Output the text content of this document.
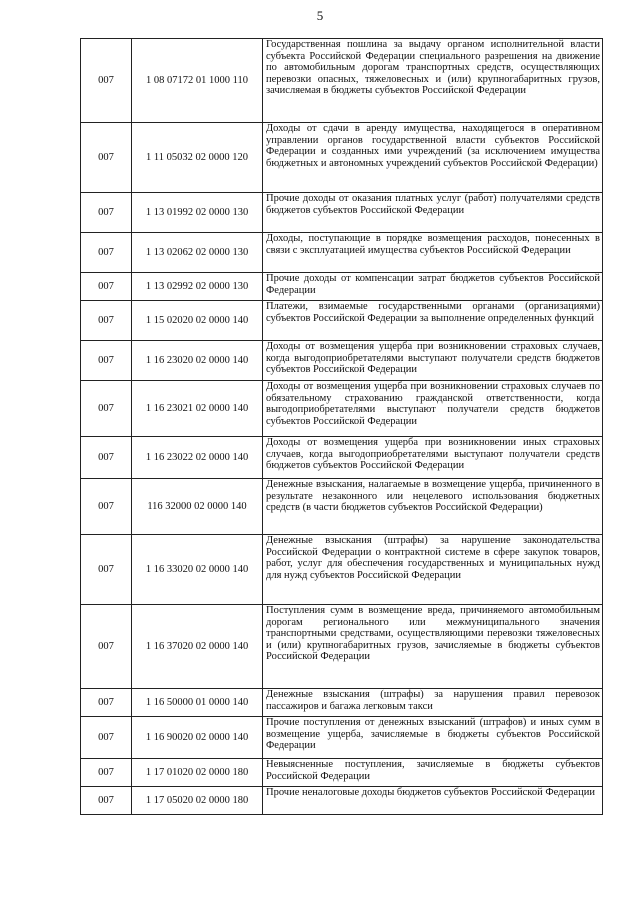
5
007	1 08 07172 01 1000 110	Государственная пошлина за выдачу органом исполнительной власти субъекта Российской Федерации специального разрешения на движение по автомобильным дорогам транспортных средств, осуществляющих перевозки опасных, тяжеловесных и (или) крупногабаритных грузов, зачисляемая в бюджеты субъектов Российской Федерации
007	1 11 05032 02 0000 120	Доходы от сдачи в аренду имущества, находящегося в оперативном управлении органов государственной власти субъектов Российской Федерации и созданных ими учреждений (за исключением имущества бюджетных и автономных учреждений субъектов Российской Федерации)
007	1 13 01992 02 0000 130	Прочие доходы от оказания платных услуг (работ) получателями средств бюджетов субъектов Российской Федерации
007	1 13 02062 02 0000 130	Доходы, поступающие в порядке возмещения расходов, понесенных в связи с эксплуатацией имущества субъектов Российской Федерации
007	1 13 02992 02 0000 130	Прочие доходы от компенсации затрат бюджетов субъектов Российской Федерации
007	1 15 02020 02 0000 140	Платежи, взимаемые государственными органами (организациями) субъектов Российской Федерации за выполнение определенных функций
007	1 16 23020 02 0000 140	Доходы от возмещения ущерба при возникновении страховых случаев, когда выгодоприобретателями выступают получатели средств бюджетов субъектов Российской Федерации
007	1 16 23021 02 0000 140	Доходы от возмещения ущерба при возникновении страховых случаев по обязательному страхованию гражданской ответственности, когда выгодоприобретателями выступают получатели средств бюджетов субъектов Российской Федерации
007	1 16 23022 02 0000 140	Доходы от возмещения ущерба при возникновении иных страховых случаев, когда выгодоприобретателями выступают получатели средств бюджетов субъектов Российской Федерации
007	116 32000 02 0000 140	Денежные взыскания, налагаемые в возмещение ущерба, причиненного в результате незаконного или нецелевого использования бюджетных средств (в части бюджетов субъектов Российской Федерации)
007	1 16 33020 02 0000 140	Денежные взыскания (штрафы) за нарушение законодательства Российской Федерации о контрактной системе в сфере закупок товаров, работ, услуг для обеспечения государственных и муниципальных нужд для нужд субъектов Российской Федерации
007	1 16 37020 02 0000 140	Поступления сумм в возмещение вреда, причиняемого автомобильным дорогам регионального или межмуниципального значения транспортными средствами, осуществляющими перевозки тяжеловесных и (или) крупногабаритных грузов, зачисляемые в бюджеты субъектов Российской Федерации
007	1 16 50000 01 0000 140	Денежные взыскания (штрафы) за нарушения правил перевозок пассажиров и багажа легковым такси
007	1 16 90020 02 0000 140	Прочие поступления от денежных взысканий (штрафов) и иных сумм в возмещение ущерба, зачисляемые в бюджеты субъектов Российской Федерации
007	1 17 01020 02 0000 180	Невыясненные поступления, зачисляемые в бюджеты субъектов Российской Федерации
007	1 17 05020 02 0000 180	Прочие неналоговые доходы бюджетов субъектов Российской Федерации
